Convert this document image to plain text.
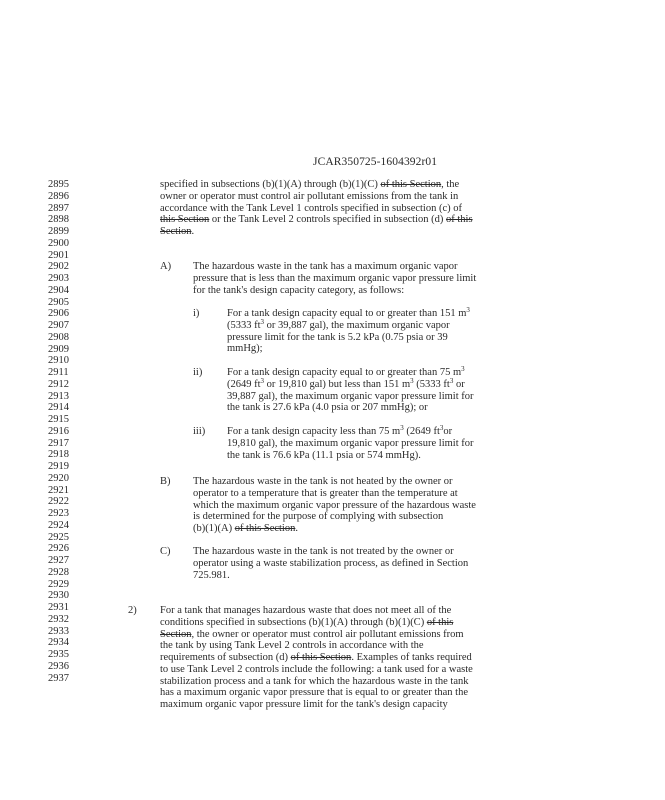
JCAR350725-1604392r01
2895
2896
2897
2898
2899
2900
2901
2902
2903
2904
2905
2906
2907
2908
2909
2910
2911
2912
2913
2914
2915
2916
2917
2918
2919
2920
2921
2922
2923
2924
2925
2926
2927
2928
2929
2930
2931
2932
2933
2934
2935
2936
2937
specified in subsections (b)(1)(A) through (b)(1)(C) of this Section, the
owner or operator must control air pollutant emissions from the tank in
accordance with the Tank Level 1 controls specified in subsection (c) of
this Section or the Tank Level 2 controls specified in subsection (d) of this
Section.
A) The hazardous waste in the tank has a maximum organic vapor
pressure that is less than the maximum organic vapor pressure limit
for the tank's design capacity category, as follows:
i)	For a tank design capacity equal to or greater than 151 $m^3$
(5333 $ft^3$ or 39,887 gal), the maximum organic vapor
pressure limit for the tank is 5.2 kPa (0.75 psia or 39
mmHg);
ii) For a tank design capacity equal to or greater than 75 $m^3$
(2649 $ft^3$ or 19,810 gal) but less than 151 $m^3$ (5333 $ft^3$ or
39,887 gal), the maximum organic vapor pressure limit for
the tank is 27.6 kPa (4.0 psia or 207 mmHg); or
iii) For a tank design capacity less than 75 $m^3$ (2649 $ft^3or$
19,810 gal), the maximum organic vapor pressure limit for
the tank is 76.6 kPa (11.1 psia or 574 mmHg).
B) The hazardous waste in the tank is not heated by the owner or
operator to a temperature that is greater than the temperature at
which the maximum organic vapor pressure of the hazardous waste
is determined for the purpose of complying with subsection
(b)(1)(A) of this Section.
C) The hazardous waste in the tank is not treated by the owner or
operator using a waste stabilization process, as defined in Section
725.981.
2) For a tank that manages hazardous waste that does not meet all of the
conditions specified in subsections (b)(1)(A) through (b)(1)(C) of this
Section, the owner or operator must control air pollutant emissions from
the tank by using Tank Level 2 controls in accordance with the
requirements of subsection (d) of this Section. Examples of tanks required
to use Tank Level 2 controls include the following: a tank used for a waste
stabilization process and a tank for which the hazardous waste in the tank
has a maximum organic vapor pressure that is equal to or greater than the
maximum organic vapor pressure limit for the tank's design capacity
